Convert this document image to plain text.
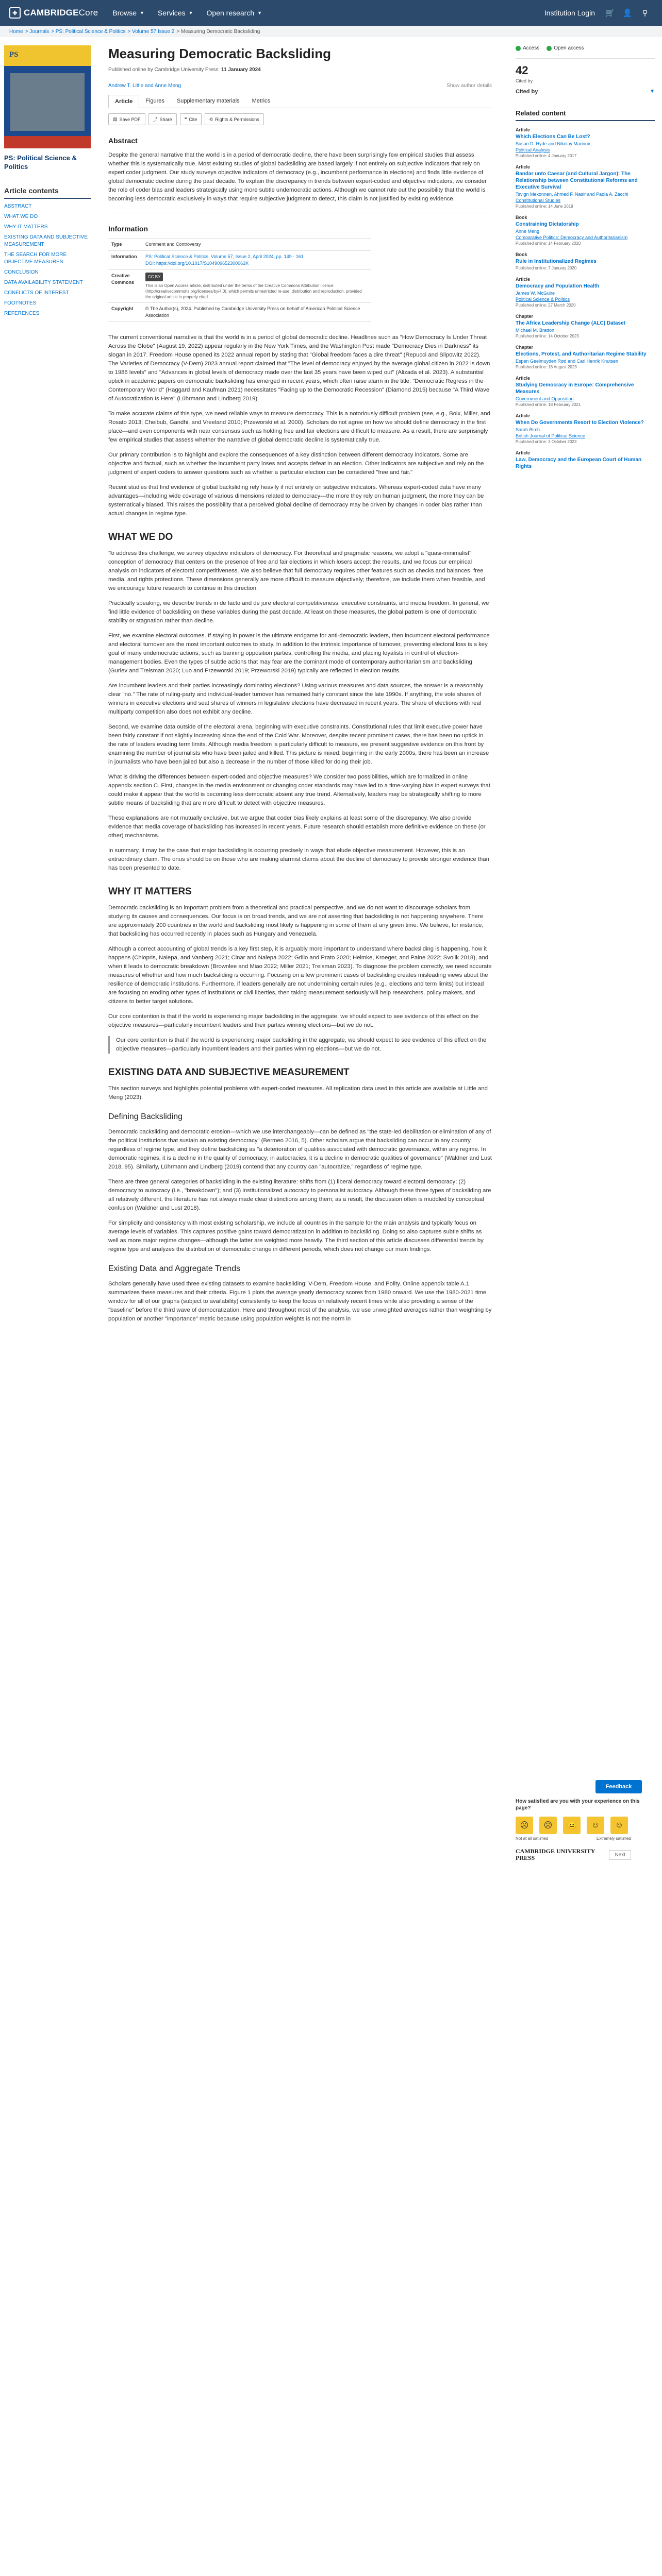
✚ CAMBRIDGE Core Browse ▼ Services ▼ Open research ▼	Institution Login	🛒	👤	⚲
Home > Journals > PS: Political Science & Politics > Volume 57 Issue 2 > Measuring Democratic Backsliding
PS
PS: Political Science & Politics
Article contents
ABSTRACT
WHAT WE DO
WHY IT MATTERS
EXISTING DATA AND SUBJECTIVE MEASUREMENT
THE SEARCH FOR MORE OBJECTIVE MEASURES
CONCLUSION
DATA AVAILABILITY STATEMENT
CONFLICTS OF INTEREST
FOOTNOTES
REFERENCES
Measuring Democratic Backsliding
Published online by Cambridge University Press: 11 January 2024
Andrew T. Little and Anne Meng	Show author details
Article	Figures	Supplementary materials	Metrics
▤ Save PDF	⤴ Share	❝ Cite	© Rights & Permissions
Abstract

Despite the general narrative that the world is in a period of democratic decline, there have been surprisingly few empirical studies that assess whether this is systematically true. Most existing studies of global backsliding are based largely if not entirely on subjective indicators that rely on expert coder judgment. Our study surveys objective indicators of democracy (e.g., incumbent performance in elections) and finds little evidence of global democratic decline during the past decade. To explain the discrepancy in trends between expert-coded and objective indicators, we consider the role of coder bias and leaders strategically using more subtle undemocratic actions. Although we cannot rule out the possibility that the world is becoming less democratic exclusively in ways that require subjective judgment to detect, this claim is not justified by existing evidence.

Information
Type	Comment and Controversy
Information	PS: Political Science & Politics, Volume 57, Issue 2, April 2024, pp. 149 - 161
DOI: https://doi.org/10.1017/S104909652300063X

Creative Commons	CC BY
This is an Open Access article, distributed under the terms of the Creative Commons Attribution licence (http://creativecommons.org/licenses/by/4.0), which permits unrestricted re-use, distribution and reproduction, provided the original article is properly cited.

Copyright	© The Author(s), 2024. Published by Cambridge University Press on behalf of American Political Science Association

The current conventional narrative is that the world is in a period of global democratic decline. Headlines such as "How Democracy Is Under Threat Across the Globe" (August 19, 2022) appear regularly in the New York Times, and the Washington Post made "Democracy Dies in Darkness" its slogan in 2017. Freedom House opened its 2022 annual report by stating that "Global freedom faces a dire threat" (Repucci and Slipowitz 2022). The Varieties of Democracy (V-Dem) 2023 annual report claimed that "The level of democracy enjoyed by the average global citizen in 2022 is down to 1986 levels" and "Advances in global levels of democracy made over the last 35 years have been wiped out" (Alizada et al. 2023). A substantial uptick in academic papers on democratic backsliding has emerged in recent years, which often raise alarm in the title: "Democratic Regress in the Contemporary World" (Haggard and Kaufman 2021) necessitates "Facing up to the Democratic Recession" (Diamond 2015) because "A Third Wave of Autocratization Is Here" (Lührmann and Lindberg 2019).

To make accurate claims of this type, we need reliable ways to measure democracy. This is a notoriously difficult problem (see, e.g., Boix, Miller, and Rosato 2013; Cheibub, Gandhi, and Vreeland 2010; Przeworski et al. 2000). Scholars do not agree on how we should define democracy in the first place—and even components with near consensus such as holding free and fair elections are difficult to measure. As a result, there are surprisingly few empirical studies that assess whether the narrative of global democratic decline is systematically true.

Our primary contribution is to highlight and explore the consequences of a key distinction between different democracy indicators. Some are objective and factual, such as whether the incumbent party loses and accepts defeat in an election. Other indicators are subjective and rely on the judgment of expert coders to answer questions such as whether a particular election can be considered "free and fair."

Recent studies that find evidence of global backsliding rely heavily if not entirely on subjective indicators. Whereas expert-coded data have many advantages—including wide coverage of various dimensions related to democracy—the more they rely on human judgment, the more they can be systematically biased. This raises the possibility that a perceived global decline of democracy may be driven by changes in coder bias rather than actual changes in regime type.

WHAT WE DO

To address this challenge, we survey objective indicators of democracy. For theoretical and pragmatic reasons, we adopt a "quasi-minimalist" conception of democracy that centers on the presence of free and fair elections in which losers accept the results, and we focus our empirical analysis on indicators of electoral competitiveness. We also believe that full democracy requires other features such as checks and balances, free media, and rights protections. These dimensions generally are more difficult to measure objectively; therefore, we include them when feasible, and we encourage future research to continue in this direction.

Practically speaking, we describe trends in de facto and de jure electoral competitiveness, executive constraints, and media freedom. In general, we find little evidence of backsliding on these variables during the past decade. At least on these measures, the global pattern is one of democratic stability or stagnation rather than decline.

First, we examine electoral outcomes. If staying in power is the ultimate endgame for anti-democratic leaders, then incumbent electoral performance and electoral turnover are the most important outcomes to study. In addition to the intrinsic importance of turnover, preventing electoral loss is a key goal of many undemocratic actions, such as banning opposition parties, controlling the media, and placing loyalists in control of election-management bodies. Even the types of subtle actions that may fear are the dominant mode of contemporary authoritarianism and backsliding (Guriev and Treisman 2020; Luo and Przeworski 2019; Przeworski 2019) typically are reflected in election results.

Are incumbent leaders and their parties increasingly dominating elections? Using various measures and data sources, the answer is a reasonably clear "no." The rate of ruling-party and individual-leader turnover has remained fairly constant since the late 1990s. If anything, the vote shares of winners in executive elections and seat shares of winners in legislative elections have decreased in recent years. The share of elections with real multiparty competition also does not exhibit any decline.

Second, we examine data outside of the electoral arena, beginning with executive constraints. Constitutional rules that limit executive power have been fairly constant if not slightly increasing since the end of the Cold War. Moreover, despite recent prominent cases, there has been no uptick in the rate of leaders evading term limits. Although media freedom is particularly difficult to measure, we present suggestive evidence on this front by examining the number of journalists who have been jailed and killed. This picture is mixed: beginning in the early 2000s, there has been an increase in journalists who have been jailed but also a decrease in the number of those killed for doing their job.

What is driving the differences between expert-coded and objective measures? We consider two possibilities, which are formalized in online appendix section C. First, changes in the media environment or changing coder standards may have led to a time-varying bias in expert surveys that could make it appear that the world is becoming less democratic absent any true trend. Alternatively, leaders may be strategically shifting to more subtle means of backsliding that are more difficult to detect with objective measures.

These explanations are not mutually exclusive, but we argue that coder bias likely explains at least some of the discrepancy. We also provide evidence that media coverage of backsliding has increased in recent years. Future research should establish more definitive evidence on these (or other) mechanisms.

In summary, it may be the case that major backsliding is occurring precisely in ways that elude objective measurement. However, this is an extraordinary claim. The onus should be on those who are making alarmist claims about the decline of democracy to provide stronger evidence than has been presented to date.

WHY IT MATTERS

Democratic backsliding is an important problem from a theoretical and practical perspective, and we do not want to discourage scholars from studying its causes and consequences. Our focus is on broad trends, and we are not asserting that backsliding is not happening anywhere. There are approximately 200 countries in the world and backsliding most likely is happening in some of them at any given time. We believe, for instance, that backsliding has occurred recently in places such as Hungary and Venezuela.

Although a correct accounting of global trends is a key first step, it is arguably more important to understand where backsliding is happening, how it happens (Chiopris, Nalepa, and Vanberg 2021; Cinar and Nalepa 2022; Grillo and Prato 2020; Helmke, Kroeger, and Paine 2022; Svolik 2018), and when it leads to democratic breakdown (Brownlee and Miao 2022; Miller 2021; Treisman 2023). To diagnose the problem correctly, we need accurate measures of whether and how much backsliding is occurring. Focusing on a few prominent cases of backsliding creates misleading views about the resilience of democratic institutions. Furthermore, if leaders generally are not undermining certain rules (e.g., elections and term limits) but instead are focusing on eroding other types of institutions or civil liberties, then taking measurement seriously will help researchers, policy makers, and citizens to better target solutions.

Our core contention is that if the world is experiencing major backsliding in the aggregate, we should expect to see evidence of this effect on the objective measures—particularly incumbent leaders and their parties winning elections—but we do not.

Our core contention is that if the world is experiencing major backsliding in the aggregate, we should expect to see evidence of this effect on the objective measures—particularly incumbent leaders and their parties winning elections—but we do not.
EXISTING DATA AND SUBJECTIVE MEASUREMENT

This section surveys and highlights potential problems with expert-coded measures. All replication data used in this article are available at Little and Meng (2023).

Defining Backsliding

Democratic backsliding and democratic erosion—which we use interchangeably—can be defined as "the state-led debilitation or elimination of any of the political institutions that sustain an existing democracy" (Bermeo 2016, 5). Other scholars argue that backsliding can occur in any country, regardless of regime type, and they define backsliding as "a deterioration of qualities associated with democratic governance, within any regime. In democratic regimes, it is a decline in the quality of democracy; in autocracies, it is a decline in democratic qualities of governance" (Waldner and Lust 2018, 95). Similarly, Lührmann and Lindberg (2019) contend that any country can "autocratize," regardless of regime type.

There are three general categories of backsliding in the existing literature: shifts from (1) liberal democracy toward electoral democracy; (2) democracy to autocracy (i.e., "breakdown"); and (3) institutionalized autocracy to personalist autocracy. Although these three types of backsliding are all relatively different, the literature has not always made clear distinctions among them; as a result, the discussion often is muddled by conceptual confusion (Waldner and Lust 2018).

For simplicity and consistency with most existing scholarship, we include all countries in the sample for the main analysis and typically focus on average levels of variables. This captures positive gains toward democratization in addition to backsliding. Doing so also captures subtle shifts as well as more major regime changes—although the latter are weighted more heavily. The third section of this article discusses differential trends by regime type and analyzes the distribution of democratic change in different periods, which does not change our main findings.

Existing Data and Aggregate Trends

Scholars generally have used three existing datasets to examine backsliding: V-Dem, Freedom House, and Polity. Online appendix table A.1 summarizes these measures and their criteria. Figure 1 plots the average yearly democracy scores from 1980 onward. We use the 1980-2021 time window for all of our graphs (subject to availability) consistently to keep the focus on relatively recent times while also providing a sense of the "baseline" before the third wave of democratization. Here and throughout most of the analysis, we use unweighted averages rather than weighting by population or another "importance" metric because using population weights is not the norm in

Access	Open access
42
Cited by
Cited by	▼
Related content
Article
Which Elections Can Be Lost?
Susan D. Hyde and Nikolay Marinov
Political Analysis
Published online: 4 January 2017
Article
Bandar unto Caesar (and Cultural Jargon): The Relationship between Constitutional Reforms and Executive Survival
Tsvign Mekonnen, Ahmed F. Nasir and Paola A. Zacchi
Constitutional Studies
Published online: 14 June 2019
Book
Constraining Dictatorship
Anne Meng
Comparative Politics: Democracy and Authoritarianism
Published online: 14 February 2020
Book
Rule in Institutionalized Regimes
Published online: 7 January 2020
Article
Democracy and Population Health
James W. McGuire
Political Science & Politics
Published online: 27 March 2020
Chapter
The Africa Leadership Change (ALC) Dataset
Michael M. Bratton
Published online: 14 October 2023
Chapter
Elections, Protest, and Authoritarian Regime Stability
Espen Geelmuyden Rød and Carl Henrik Knutsen
Published online: 18 August 2023
Article
Studying Democracy in Europe: Comprehensive Measures
Government and Opposition
Published online: 18 February 2021
Article
When Do Governments Resort to Election Violence?
Sarah Birch
British Journal of Political Science
Published online: 3 October 2023
Article
Law, Democracy and the European Court of Human Rights
Feedback
How satisfied are you with your experience on this page?
☹	☹	😐	☺	☺
Not at all satisfied	Extremely satisfied
CAMBRIDGE UNIVERSITY PRESS	Next
